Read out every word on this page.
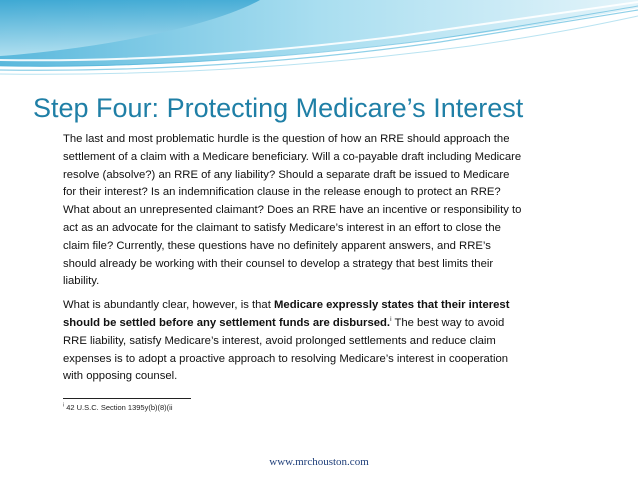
Step Four: Protecting Medicare’s Interest

The last and most problematic hurdle is the question of how an RRE should approach the settlement of a claim with a Medicare beneficiary. Will a co-payable draft including Medicare resolve (absolve?) an RRE of any liability? Should a separate draft be issued to Medicare for their interest? Is an indemnification clause in the release enough to protect an RRE? What about an unrepresented claimant? Does an RRE have an incentive or responsibility to act as an advocate for the claimant to satisfy Medicare’s interest in an effort to close the claim file? Currently, these questions have no definitely apparent answers, and RRE’s should already be working with their counsel to develop a strategy that best limits their liability.

What is abundantly clear, however, is that Medicare expressly states that their interest should be settled before any settlement funds are disbursed.$^i$ The best way to avoid RRE liability, satisfy Medicare’s interest, avoid prolonged settlements and reduce claim expenses is to adopt a proactive approach to resolving Medicare’s interest in cooperation with opposing counsel.

$^i$ 42 U.S.C. Section 1395y(b)(8)(ii
www.mrchouston.com
